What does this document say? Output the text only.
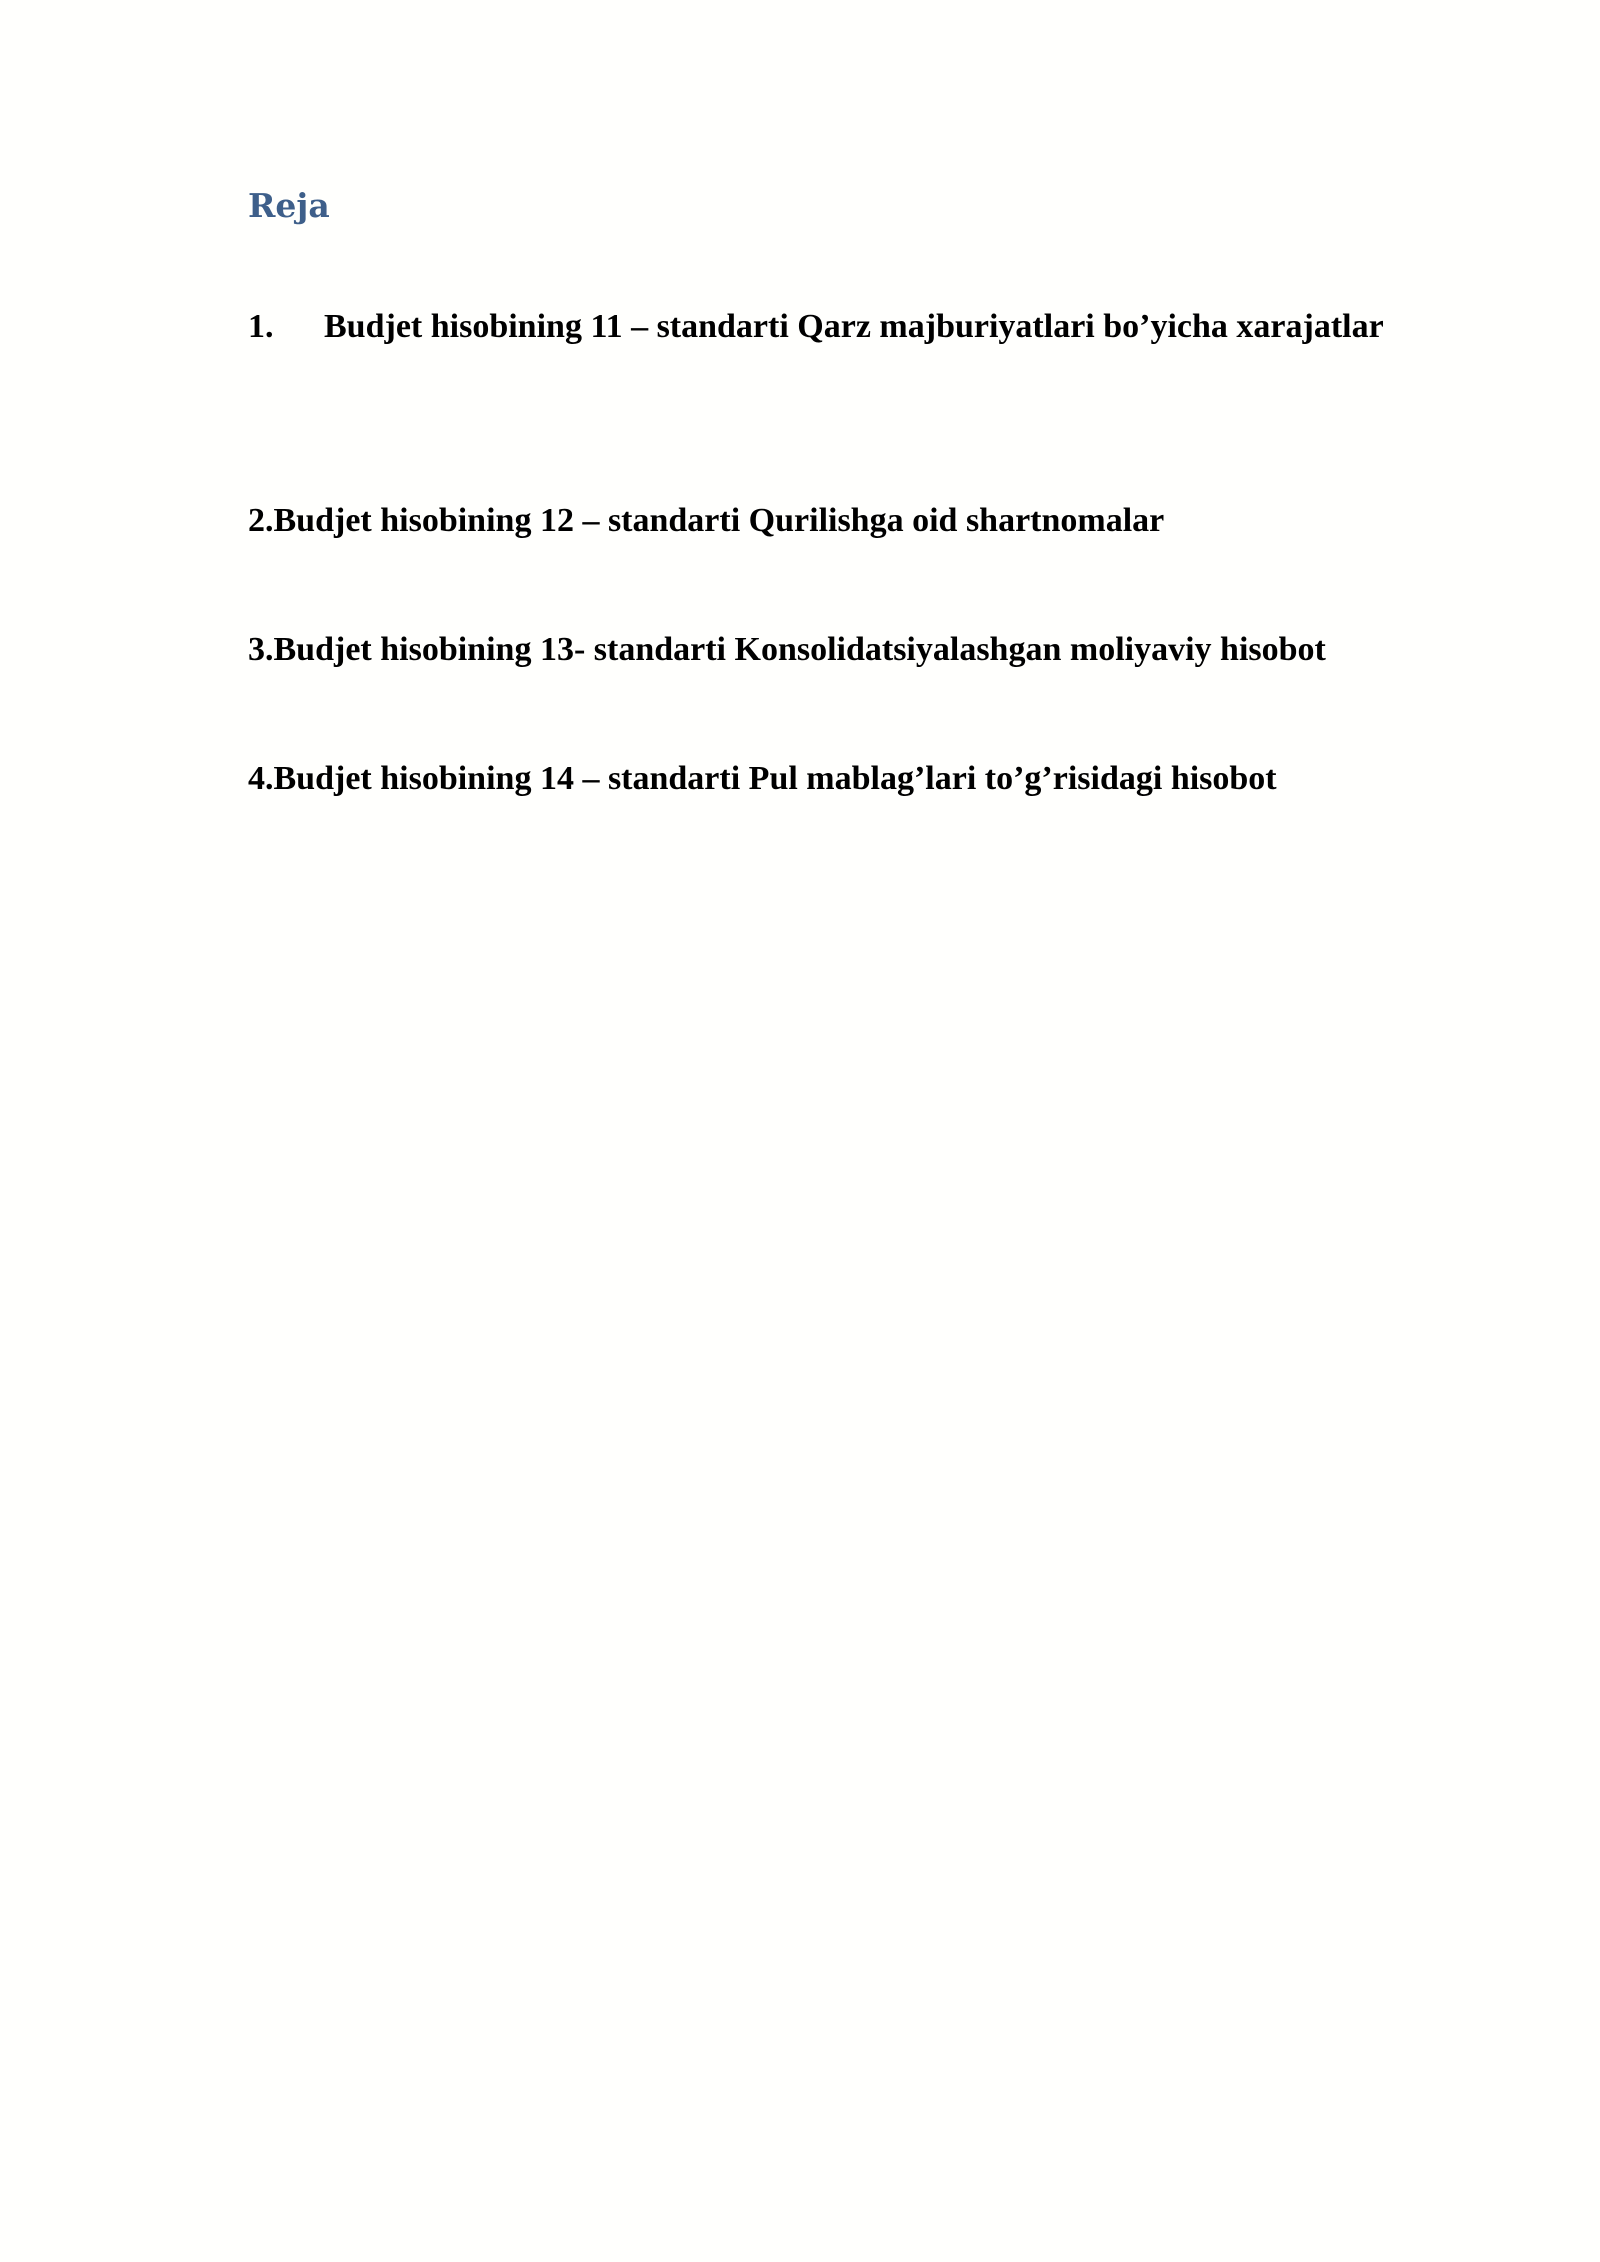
Reja

1. Budjet hisobining 11 – standarti Qarz majburiyatlari bo’yicha xarajatlar

2.Budjet hisobining 12 – standarti Qurilishga oid shartnomalar

3.Budjet hisobining 13- standarti Konsolidatsiyalashgan moliyaviy hisobot

4.Budjet hisobining 14 – standarti Pul mablag’lari to’g’risidagi hisobot
